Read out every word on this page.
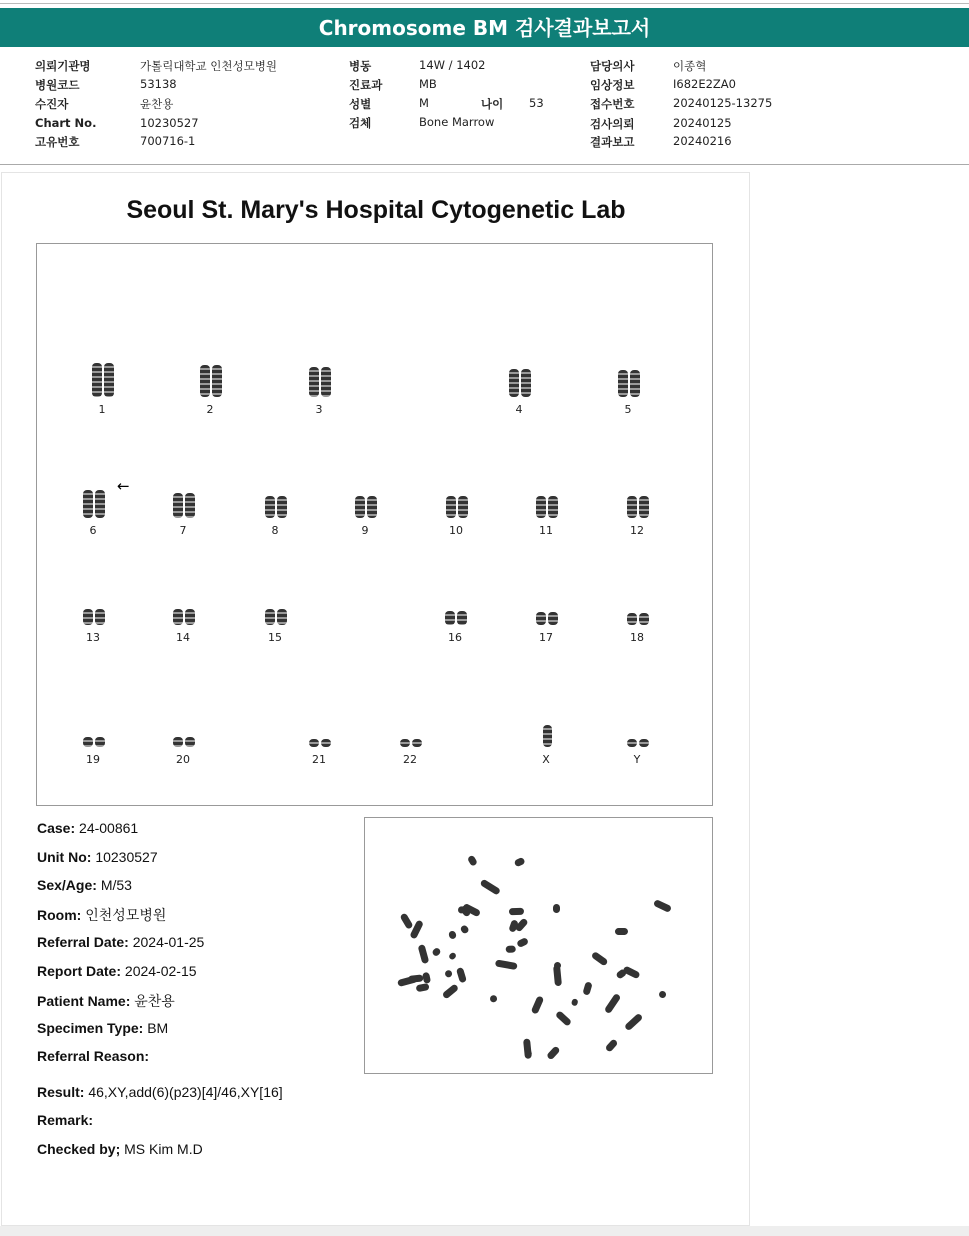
Chromosome BM 검사결과보고서
의뢰기관명	가톨릭대학교 인천성모병원
병원코드	53138
수진자	윤찬용
Chart No.	10230527
고유번호	700716-1
병동	14W / 1402
진료과	MB
성별	M
검체	Bone Marrow
나이 53
담당의사	이종혁
임상정보	I682E2ZA0
접수번호	20240125-13275
검사의뢰	20240125
결과보고	20240216
Seoul St. Mary's Hospital Cytogenetic Lab
1	2	3	4	5
6	7	8	9	10	11	12
13	14	15	16	17	18
19	20	21	22	X	Y
←
Case: 24-00861
Unit No: 10230527
Sex/Age: M/53
Room: 인천성모병원
Referral Date: 2024-01-25
Report Date: 2024-02-15
Patient Name: 윤찬용
Specimen Type: BM
Referral Reason:
Result: 46,XY,add(6)(p23)[4]/46,XY[16]
Remark:
Checked by; MS Kim M.D
